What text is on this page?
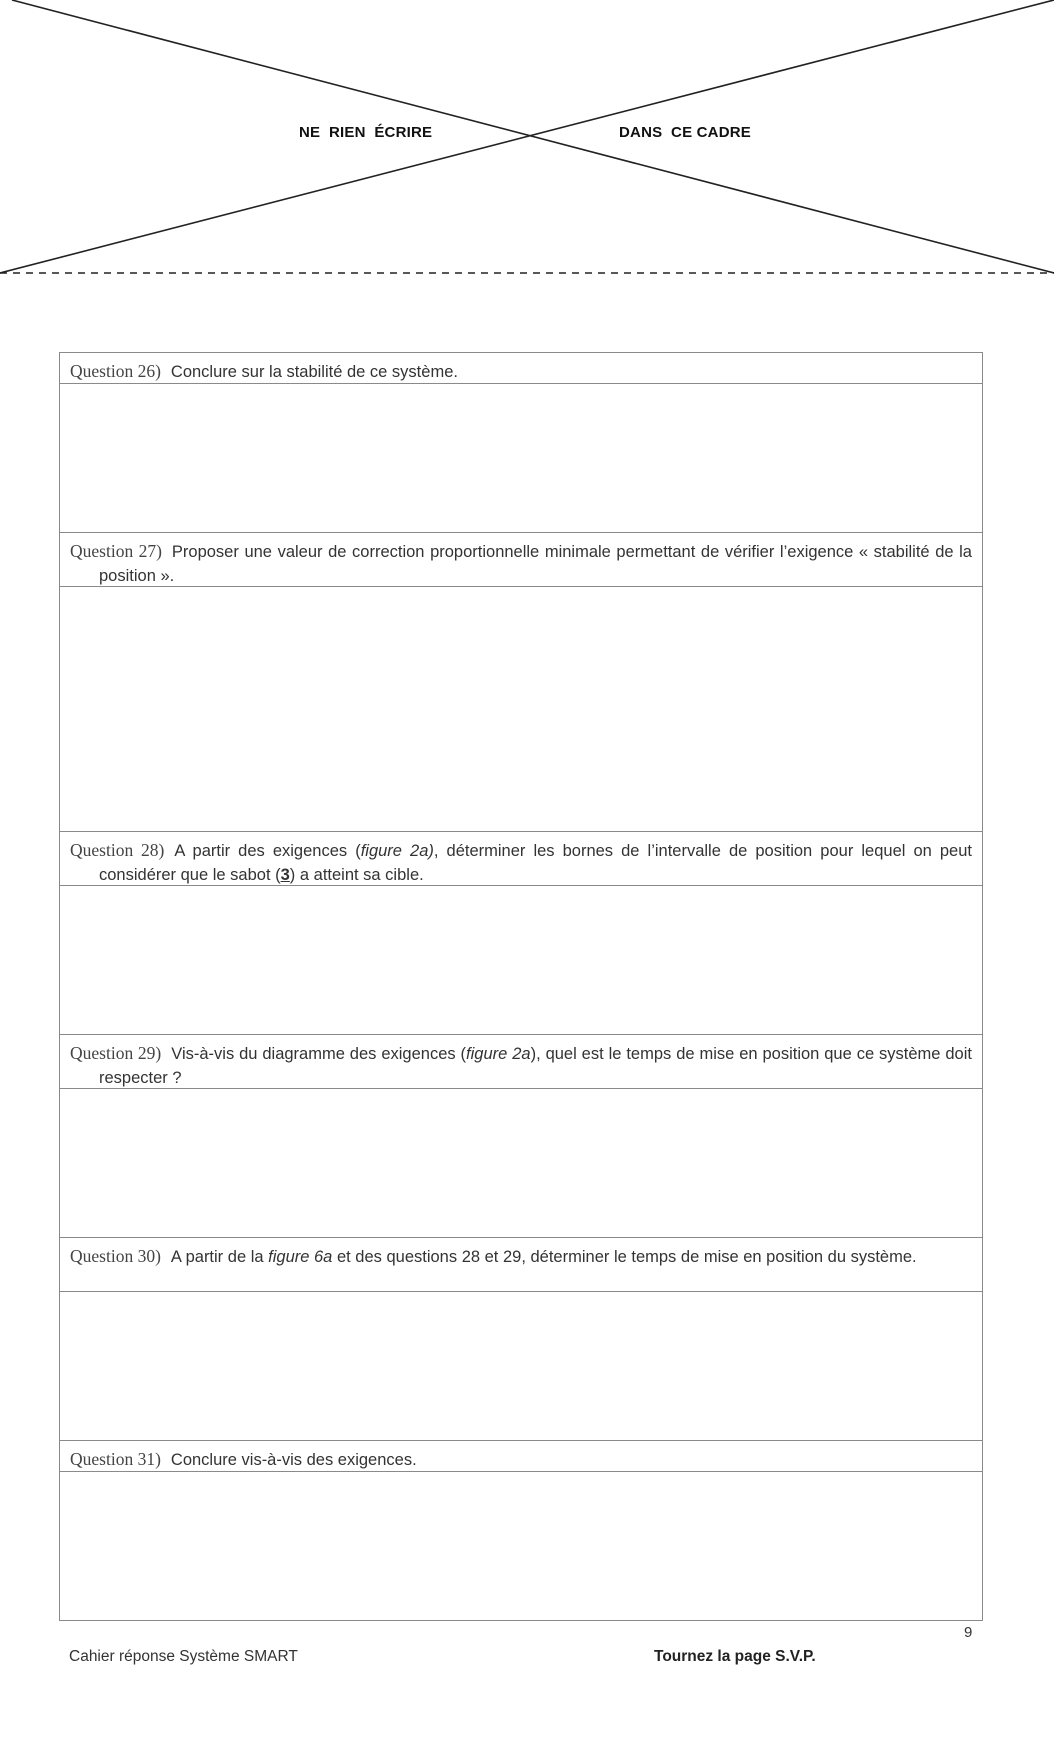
NE  RIEN  ÉCRIRE	DANS  CE CADRE
Question 26) Conclure sur la stabilité de ce système.
Question 27) Proposer une valeur de correction proportionnelle minimale permettant de vérifier l’exigence « stabilité de la position ».
Question 28) A partir des exigences (figure 2a), déterminer les bornes de l’intervalle de position pour lequel on peut considérer que le sabot (3) a atteint sa cible.
Question 29) Vis-à-vis du diagramme des exigences (figure 2a), quel est le temps de mise en position que ce système doit respecter ?
Question 30) A partir de la figure 6a et des questions 28 et 29, déterminer le temps de mise en position du système.
Question 31) Conclure vis-à-vis des exigences.
9
Cahier réponse Système SMART	Tournez la page S.V.P.
